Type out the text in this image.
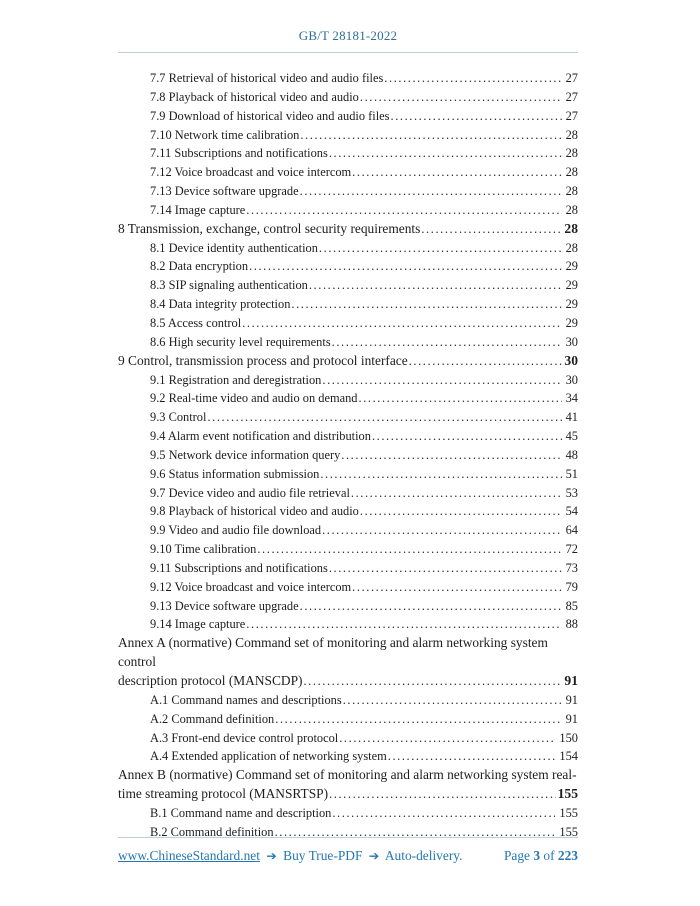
GB/T 28181-2022
7.7 Retrieval of historical video and audio files .....	27
7.8 Playback of historical video and audio .....	27
7.9 Download of historical video and audio files .....	27
7.10 Network time calibration .....	28
7.11 Subscriptions and notifications .....	28
7.12 Voice broadcast and voice intercom .....	28
7.13 Device software upgrade .....	28
7.14 Image capture .....	28
8 Transmission, exchange, control security requirements .....	28
8.1 Device identity authentication .....	28
8.2 Data encryption .....	29
8.3 SIP signaling authentication .....	29
8.4 Data integrity protection .....	29
8.5 Access control .....	29
8.6 High security level requirements .....	30
9 Control, transmission process and protocol interface .....	30
9.1 Registration and deregistration .....	30
9.2 Real-time video and audio on demand .....	34
9.3 Control .....	41
9.4 Alarm event notification and distribution .....	45
9.5 Network device information query .....	48
9.6 Status information submission .....	51
9.7 Device video and audio file retrieval .....	53
9.8 Playback of historical video and audio .....	54
9.9 Video and audio file download .....	64
9.10 Time calibration .....	72
9.11 Subscriptions and notifications .....	73
9.12 Voice broadcast and voice intercom .....	79
9.13 Device software upgrade .....	85
9.14 Image capture .....	88
Annex A (normative) Command set of monitoring and alarm networking system control
description protocol (MANSCDP) .....	91
A.1 Command names and descriptions .....	91
A.2 Command definition .....	91
A.3 Front-end device control protocol .....	150
A.4 Extended application of networking system .....	154
Annex B (normative) Command set of monitoring and alarm networking system real-
time streaming protocol (MANSRTSP) .....	155
B.1 Command name and description .....	155
B.2 Command definition .....	155
www.ChineseStandard.net ➔ Buy True-PDF ➔ Auto-delivery.	Page 3 of 223
